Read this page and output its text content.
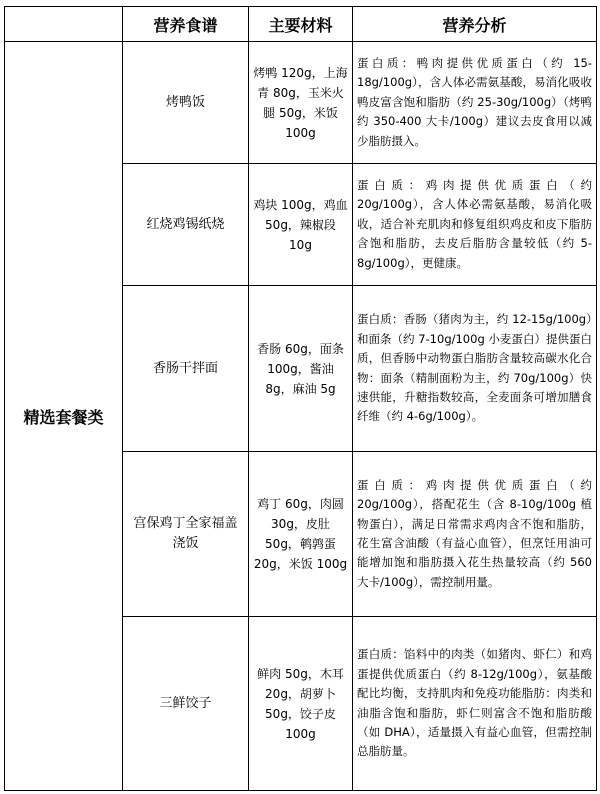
	营养食谱	主要材料	营养分析
精选套餐类	烤鸭饭	烤鸭 120g，上海青 80g，玉米火腿 50g，米饭 100g	蛋白质：鸭肉提供优质蛋白（约 15-18g/100g），含人体必需氨基酸，易消化吸收鸭皮富含饱和脂肪（约 25-30g/100g）（烤鸭约 350-400 大卡/100g）建议去皮食用以减少脂肪摄入。
	红烧鸡锡纸烧	鸡块 100g，鸡血 50g，辣椒段 10g	蛋白质：鸡肉提供优质蛋白（约 20g/100g），含人体必需氨基酸，易消化吸收，适合补充肌肉和修复组织鸡皮和皮下脂肪含饱和脂肪，去皮后脂肪含量较低（约 5-8g/100g），更健康。
	香肠干拌面	香肠 60g，面条 100g，酱油 8g，麻油 5g	蛋白质：香肠（猪肉为主，约 12-15g/100g）和面条（约 7-10g/100g 小麦蛋白）提供蛋白质，但香肠中动物蛋白脂肪含量较高碳水化合物：面条（精制面粉为主，约 70g/100g）快速供能，升糖指数较高，全麦面条可增加膳食纤维（约 4-6g/100g）。
	宫保鸡丁全家福盖浇饭	鸡丁 60g，肉圆 30g，皮肚 50g，鹌鹑蛋 20g，米饭 100g	蛋白质：鸡肉提供优质蛋白（约 20g/100g），搭配花生（含 8-10g/100g 植物蛋白），满足日常需求鸡肉含不饱和脂肪，花生富含油酸（有益心血管），但烹饪用油可能增加饱和脂肪摄入花生热量较高（约 560 大卡/100g），需控制用量。
	三鲜饺子	鲜肉 50g，木耳 20g，胡萝卜 50g，饺子皮 100g	蛋白质：馅料中的肉类（如猪肉、虾仁）和鸡蛋提供优质蛋白（约 8-12g/100g），氨基酸配比均衡，支持肌肉和免疫功能脂肪：肉类和油脂含饱和脂肪，虾仁则富含不饱和脂肪酸（如 DHA），适量摄入有益心血管，但需控制总脂肪量。
